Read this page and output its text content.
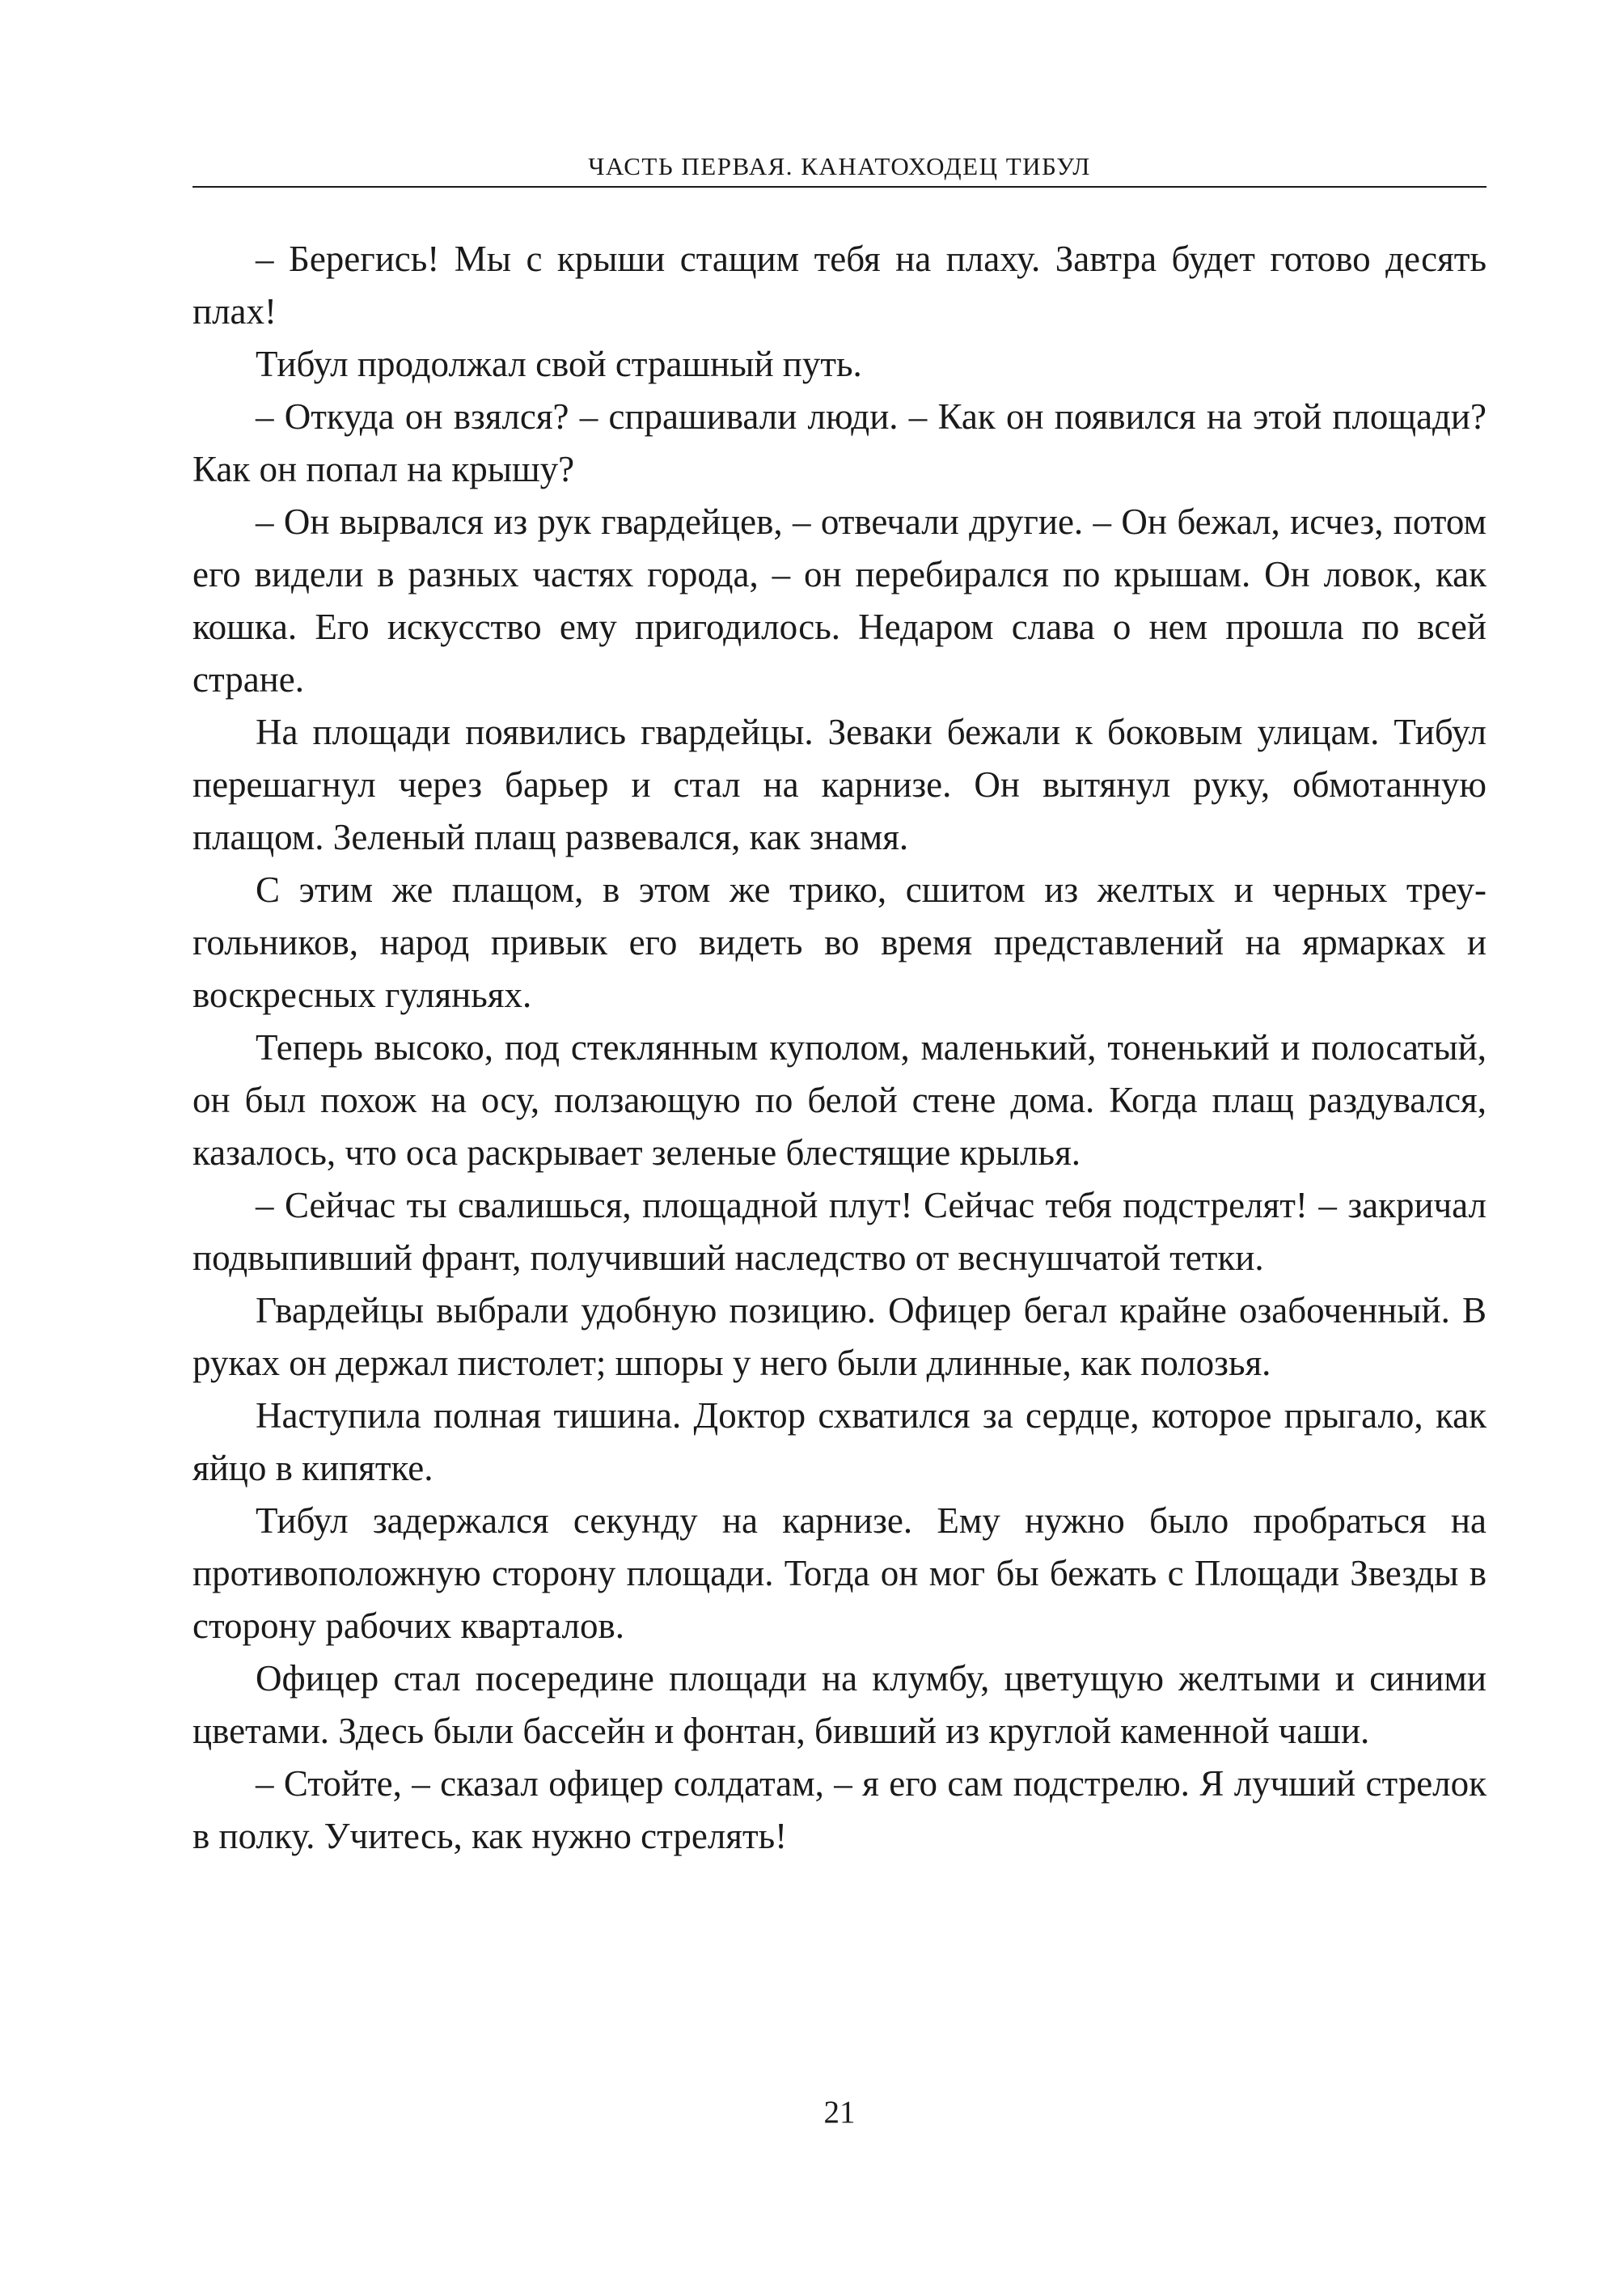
ЧАСТЬ ПЕРВАЯ. КАНАТОХОДЕЦ ТИБУЛ

– Берегись! Мы с крыши стащим тебя на плаху. Завтра будет готово десять плах!

Тибул продолжал свой страшный путь.

– Откуда он взялся? – спрашивали люди. – Как он появился на этой площади? Как он попал на крышу?

– Он вырвался из рук гвардейцев, – отвечали другие. – Он бежал, исчез, потом его видели в разных частях города, – он перебирался по крышам. Он ловок, как кошка. Его искусство ему пригодилось. Недаром слава о нем прошла по всей стране.

На площади появились гвардейцы. Зеваки бежали к боковым улицам. Тибул перешагнул через барьер и стал на карнизе. Он вытянул руку, обмотанную плащом. Зеленый плащ развевался, как знамя.

С этим же плащом, в этом же трико, сшитом из желтых и черных треугольников, народ привык его видеть во время представлений на ярмарках и воскресных гуляньях.

Теперь высоко, под стеклянным куполом, маленький, тоненький и полосатый, он был похож на осу, ползающую по белой стене дома. Когда плащ раздувался, казалось, что оса раскрывает зеленые блестящие крылья.

– Сейчас ты свалишься, площадной плут! Сейчас тебя подстрелят! – закричал подвыпивший франт, получивший наследство от веснушчатой тетки.

Гвардейцы выбрали удобную позицию. Офицер бегал крайне озабоченный. В руках он держал пистолет; шпоры у него были длинные, как полозья.

Наступила полная тишина. Доктор схватился за сердце, которое прыгало, как яйцо в кипятке.

Тибул задержался секунду на карнизе. Ему нужно было пробраться на противоположную сторону площади. Тогда он мог бы бежать с Площади Звезды в сторону рабочих кварталов.

Офицер стал посередине площади на клумбу, цветущую желтыми и синими цветами. Здесь были бассейн и фонтан, бивший из круглой каменной чаши.

– Стойте, – сказал офицер солдатам, – я его сам подстрелю. Я лучший стрелок в полку. Учитесь, как нужно стрелять!

21
